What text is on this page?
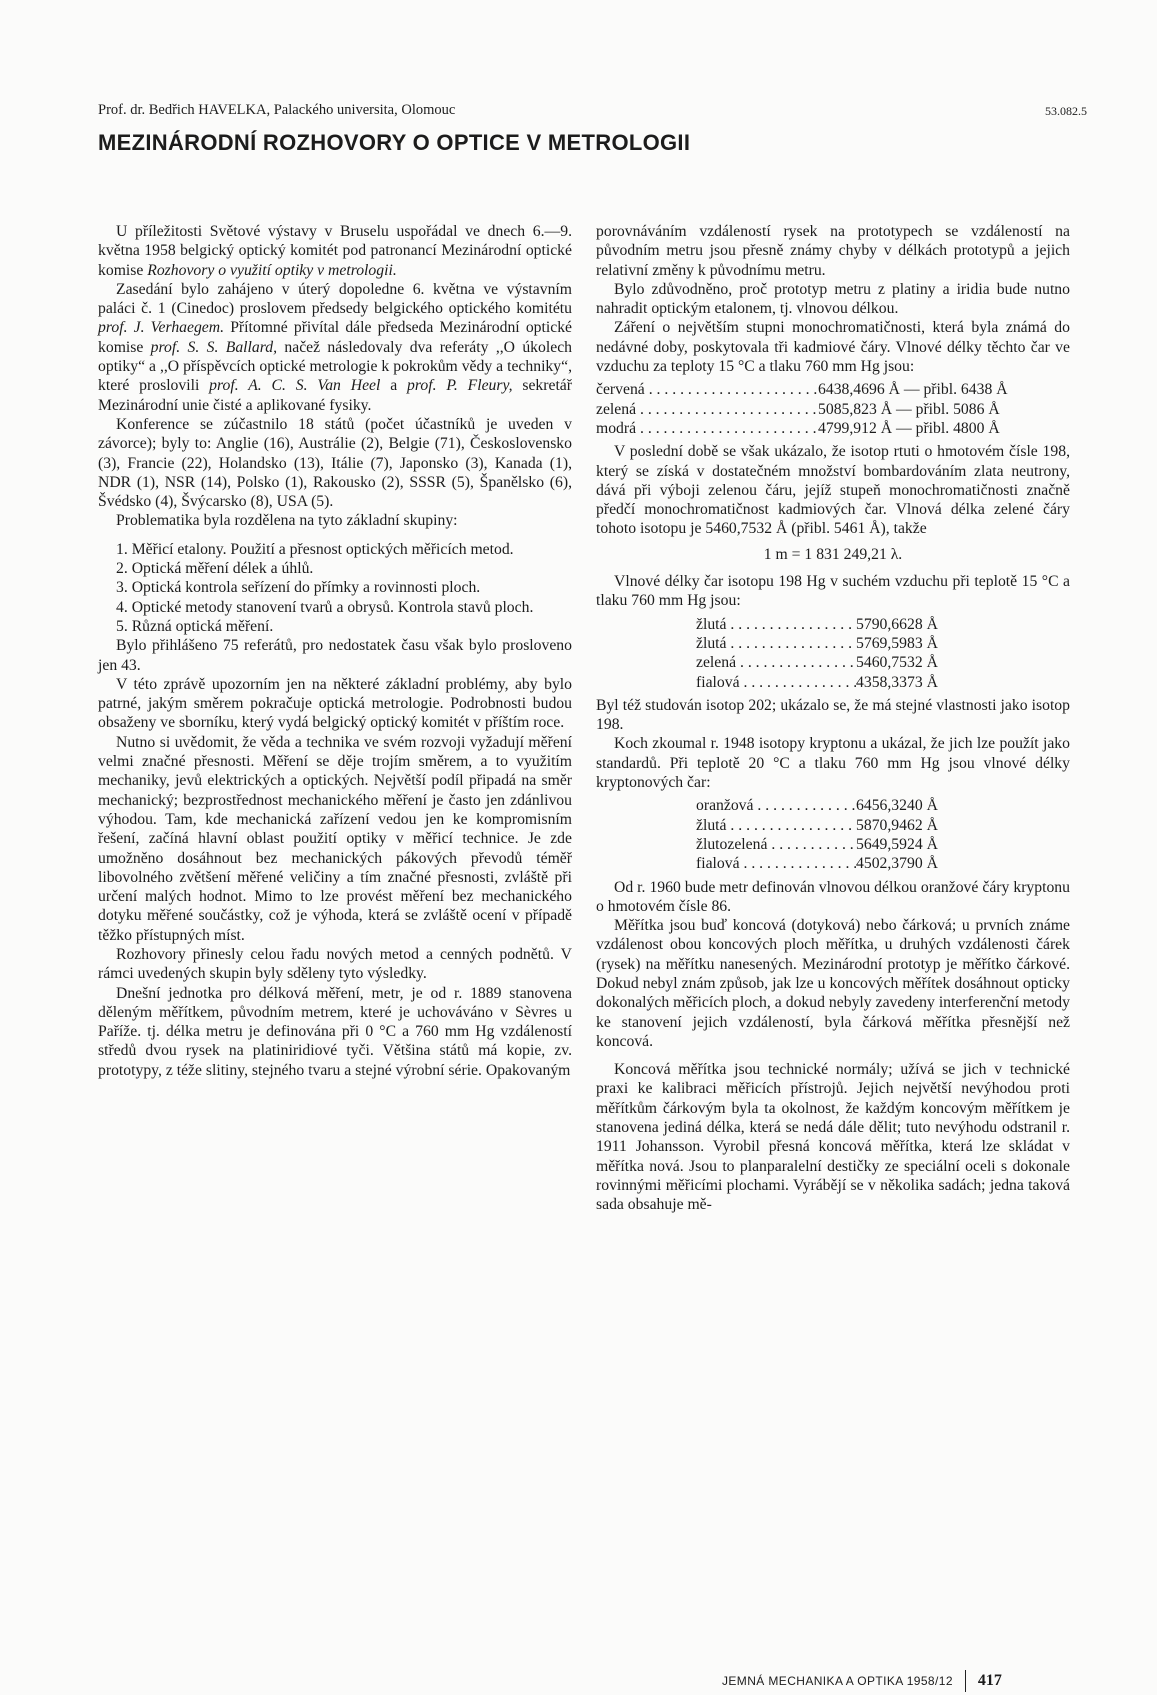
Prof. dr. Bedřich HAVELKA, Palackého universita, Olomouc	53.082.5
MEZINÁRODNÍ ROZHOVORY O OPTICE V METROLOGII

U příležitosti Světové výstavy v Bruselu uspořádal ve dnech 6.—9. května 1958 belgický optický komitét pod patronancí Mezinárodní optické komise Rozhovory o využití optiky v metrologii.

Zasedání bylo zahájeno v úterý dopoledne 6. května ve výstavním paláci č. 1 (Cinedoc) proslovem předsedy belgického optického komitétu prof. J. Verhaegem. Přítomné přivítal dále předseda Mezinárodní optické komise prof. S. S. Ballard, načež následovaly dva referáty ,,O úkolech optiky“ a ,,O příspěvcích optické metrologie k pokrokům vědy a techniky“, které proslovili prof. A. C. S. Van Heel a prof. P. Fleury, sekretář Mezinárodní unie čisté a aplikované fysiky.

Konference se zúčastnilo 18 států (počet účastníků je uveden v závorce); byly to: Anglie (16), Austrálie (2), Belgie (71), Československo (3), Francie (22), Holandsko (13), Itálie (7), Japonsko (3), Kanada (1), NDR (1), NSR (14), Polsko (1), Rakousko (2), SSSR (5), Španělsko (6), Švédsko (4), Švýcarsko (8), USA (5).

Problematika byla rozdělena na tyto základní skupiny:

1. Měřicí etalony. Použití a přesnost optických měřicích metod.

2. Optická měření délek a úhlů.

3. Optická kontrola seřízení do přímky a rovinnosti ploch.

4. Optické metody stanovení tvarů a obrysů. Kontrola stavů ploch.

5. Různá optická měření.

Bylo přihlášeno 75 referátů, pro nedostatek času však bylo prosloveno jen 43.

V této zprávě upozorním jen na některé základní problémy, aby bylo patrné, jakým směrem pokračuje optická metrologie. Podrobnosti budou obsaženy ve sborníku, který vydá belgický optický komitét v příštím roce.

Nutno si uvědomit, že věda a technika ve svém rozvoji vyžadují měření velmi značné přesnosti. Měření se děje trojím směrem, a to využitím mechaniky, jevů elektrických a optických. Největší podíl připadá na směr mechanický; bezprostřednost mechanického měření je často jen zdánlivou výhodou. Tam, kde mechanická zařízení vedou jen ke kompromisním řešení, začíná hlavní oblast použití optiky v měřicí technice. Je zde umožněno dosáhnout bez mechanických pákových převodů téměř libovolného zvětšení měřené veličiny a tím značné přesnosti, zvláště při určení malých hodnot. Mimo to lze provést měření bez mechanického dotyku měřené součástky, což je výhoda, která se zvláště ocení v případě těžko přístupných míst.

Rozhovory přinesly celou řadu nových metod a cenných podnětů. V rámci uvedených skupin byly sděleny tyto výsledky.

Dnešní jednotka pro délková měření, metr, je od r. 1889 stanovena děleným měřítkem, původním metrem, které je uchováváno v Sèvres u Paříže. tj. délka metru je definována při 0 °C a 760 mm Hg vzdáleností středů dvou rysek na platiniridiové tyči. Většina států má kopie, zv. prototypy, z téže slitiny, stejného tvaru a stejné výrobní série. Opakovaným

porovnáváním vzdáleností rysek na prototypech se vzdáleností na původním metru jsou přesně známy chyby v délkách prototypů a jejich relativní změny k původnímu metru.

Bylo zdůvodněno, proč prototyp metru z platiny a iridia bude nutno nahradit optickým etalonem, tj. vlnovou délkou.

Záření o největším stupni monochromatičnosti, která byla známá do nedávné doby, poskytovala tři kadmiové čáry. Vlnové délky těchto čar ve vzduchu za teploty 15 °C a tlaku 760 mm Hg jsou:

červená . . .	6438,4696 Å — přibl. 6438 Å
zelená . . .	5085,823 Å — přibl. 5086 Å
modrá . . .	4799,912 Å — přibl. 4800 Å

V poslední době se však ukázalo, že isotop rtuti o hmotovém čísle 198, který se získá v dostatečném množství bombardováním zlata neutrony, dává při výboji zelenou čáru, jejíž stupeň monochromatičnosti značně předčí monochromatičnost kadmiových čar. Vlnová délka zelené čáry tohoto isotopu je 5460,7532 Å (přibl. 5461 Å), takže

1 m = 1 831 249,21 λ.

Vlnové délky čar isotopu 198 Hg v suchém vzduchu při teplotě 15 °C a tlaku 760 mm Hg jsou:

žlutá . . .	5790,6628 Å
žlutá . . .	5769,5983 Å
zelená . . .	5460,7532 Å
fialová . . .	4358,3373 Å

Byl též studován isotop 202; ukázalo se, že má stejné vlastnosti jako isotop 198.

Koch zkoumal r. 1948 isotopy kryptonu a ukázal, že jich lze použít jako standardů. Při teplotě 20 °C a tlaku 760 mm Hg jsou vlnové délky kryptonových čar:

oranžová . . .	6456,3240 Å
žlutá . . .	5870,9462 Å
žlutozelená . . .	5649,5924 Å
fialová . . .	4502,3790 Å

Od r. 1960 bude metr definován vlnovou délkou oranžové čáry kryptonu o hmotovém čísle 86.

Měřítka jsou buď koncová (dotyková) nebo čárková; u prvních známe vzdálenost obou koncových ploch měřítka, u druhých vzdálenosti čárek (rysek) na měřítku nanesených. Mezinárodní prototyp je měřítko čárkové. Dokud nebyl znám způsob, jak lze u koncových měřítek dosáhnout opticky dokonalých měřicích ploch, a dokud nebyly zavedeny interferenční metody ke stanovení jejich vzdáleností, byla čárková měřítka přesnější než koncová.

Koncová měřítka jsou technické normály; užívá se jich v technické praxi ke kalibraci měřicích přístrojů. Jejich největší nevýhodou proti měřítkům čárkovým byla ta okolnost, že každým koncovým měřítkem je stanovena jediná délka, která se nedá dále dělit; tuto nevýhodu odstranil r. 1911 Johansson. Vyrobil přesná koncová měřítka, která lze skládat v měřítka nová. Jsou to planparalelní destičky ze speciální oceli s dokonale rovinnými měřicími plochami. Vyrábějí se v několika sadách; jedna taková sada obsahuje mě-

JEMNÁ MECHANIKA A OPTIKA 1958/12 417
